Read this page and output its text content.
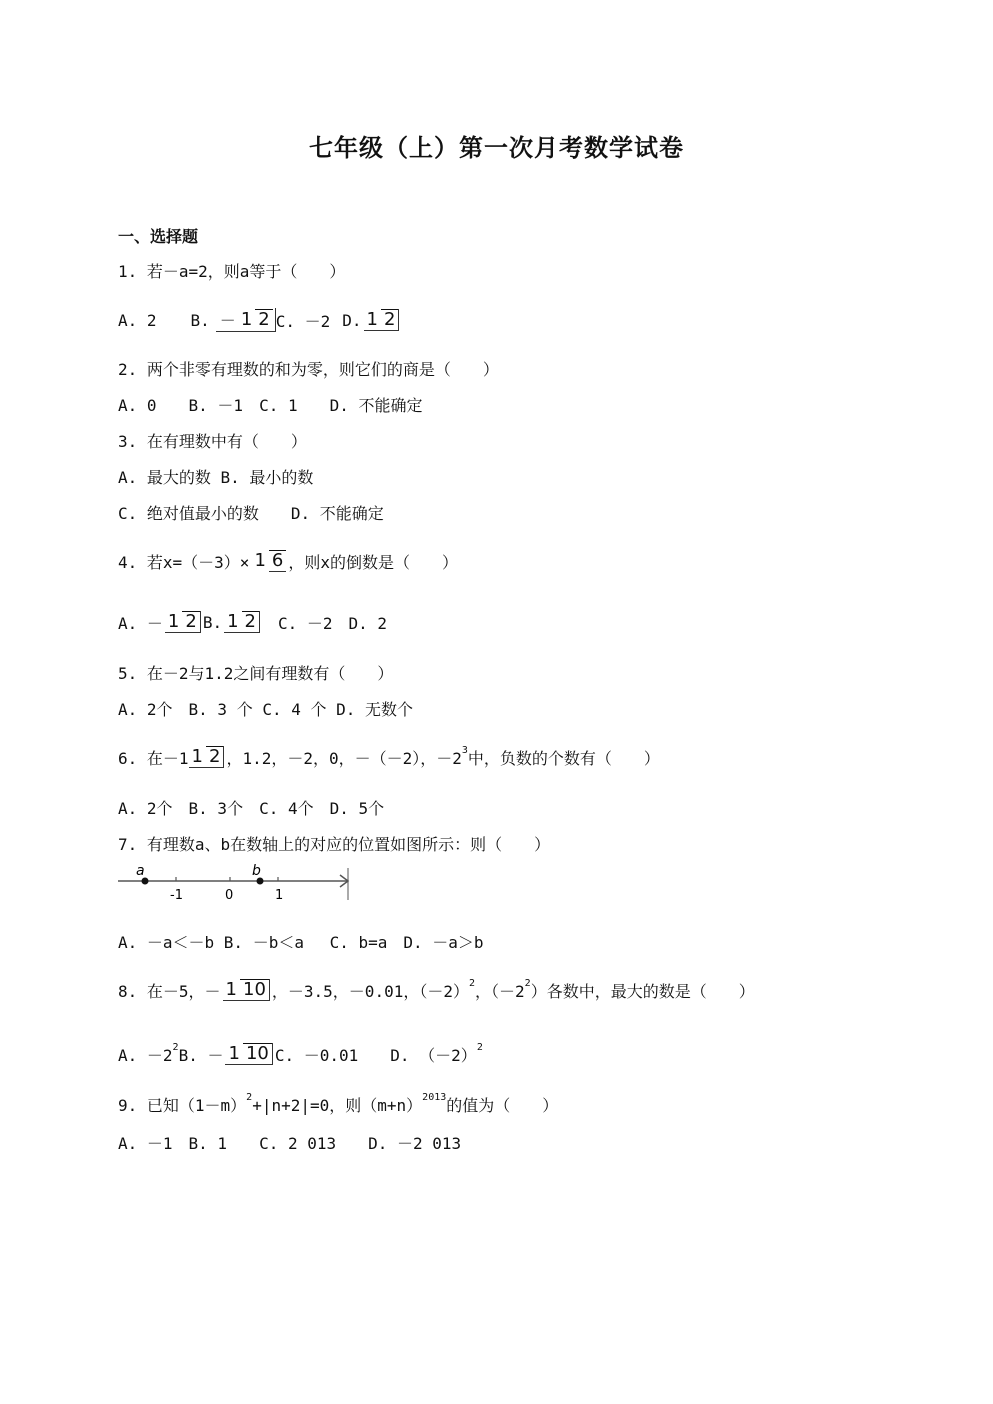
七年级（上）第一次月考数学试卷
一、选择题
1. 若－a=2，则a等于（　　）
A. 2 B. － 1 2 C. －2 D. 1 2
2. 两个非零有理数的和为零，则它们的商是（　　）
A. 0　　B. －1　C. 1　　D. 不能确定
3. 在有理数中有（　　）
A. 最大的数 B. 最小的数
C. 绝对值最小的数　　D. 不能确定
4. 若x=（－3）× 1 6 ，则x的倒数是（　　）
A. － 1 2 B. 1 2 　C. －2　D. 2
5. 在－2与1.2之间有理数有（　　）
A. 2个　B. 3 个 C. 4 个 D. 无数个
6. 在－1 1 2 ，1.2，－2，0，－（－2），－2 3 中，负数的个数有（　　）
A. 2个　B. 3个　C. 4个　D. 5个
7. 有理数a、b在数轴上的对应的位置如图所示：则（　　）
a	b
-1	0	1
A. －a＜－b B. －b＜a　 C. b=a　D. －a＞b
8. 在－5，－ 1 10 ，－3.5，－0.01，（－2） 2 ，（－2 2 ）各数中，最大的数是（　　）
A. －2 2 B. － 1 10 C. －0.01　　D. （－2） 2
9. 已知（1－m） 2 +|n+2|=0，则（m+n） 2013 的值为（　　）
A. －1　B. 1　　C. 2 013　　D. －2 013
